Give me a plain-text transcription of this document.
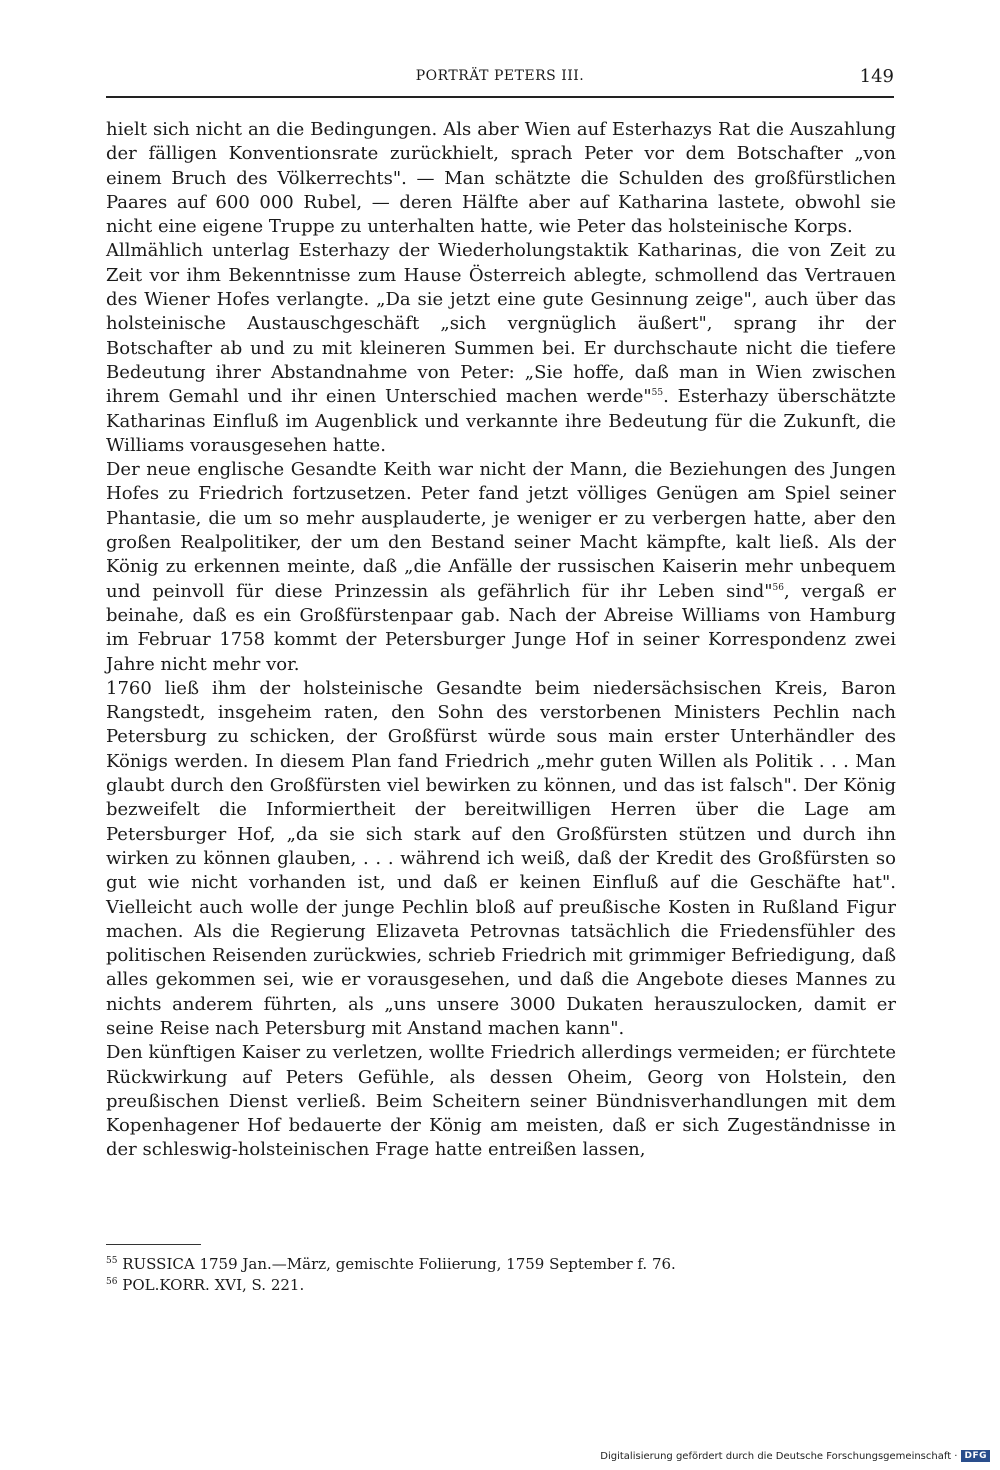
PORTRÄT PETERS III.	149

hielt sich nicht an die Bedingungen. Als aber Wien auf Esterhazys Rat die Auszahlung der fälligen Konventionsrate zurückhielt, sprach Peter vor dem Botschafter „von einem Bruch des Völkerrechts". — Man schätzte die Schulden des großfürstlichen Paares auf 600 000 Rubel, — deren Hälfte aber auf Katharina lastete, obwohl sie nicht eine eigene Truppe zu unterhalten hatte, wie Peter das holsteinische Korps.

Allmählich unterlag Esterhazy der Wiederholungstaktik Katharinas, die von Zeit zu Zeit vor ihm Bekenntnisse zum Hause Österreich ablegte, schmollend das Vertrauen des Wiener Hofes verlangte. „Da sie jetzt eine gute Gesinnung zeige", auch über das holsteinische Austauschgeschäft „sich vergnüglich äußert", sprang ihr der Botschafter ab und zu mit kleineren Summen bei. Er durchschaute nicht die tiefere Bedeutung ihrer Abstandnahme von Peter: „Sie hoffe, daß man in Wien zwischen ihrem Gemahl und ihr einen Unterschied machen werde"$^{55}$. Esterhazy überschätzte Katharinas Einfluß im Augenblick und verkannte ihre Bedeutung für die Zukunft, die Williams vorausgesehen hatte.

Der neue englische Gesandte Keith war nicht der Mann, die Beziehungen des Jungen Hofes zu Friedrich fortzusetzen. Peter fand jetzt völliges Genügen am Spiel seiner Phantasie, die um so mehr ausplauderte, je weniger er zu verbergen hatte, aber den großen Realpolitiker, der um den Bestand seiner Macht kämpfte, kalt ließ. Als der König zu erkennen meinte, daß „die Anfälle der russischen Kaiserin mehr unbequem und peinvoll für diese Prinzessin als gefährlich für ihr Leben sind"$^{56}$, vergaß er beinahe, daß es ein Großfürstenpaar gab. Nach der Abreise Williams von Hamburg im Februar 1758 kommt der Petersburger Junge Hof in seiner Korrespondenz zwei Jahre nicht mehr vor.

1760 ließ ihm der holsteinische Gesandte beim niedersächsischen Kreis, Baron Rangstedt, insgeheim raten, den Sohn des verstorbenen Ministers Pechlin nach Petersburg zu schicken, der Großfürst würde sous main erster Unterhändler des Königs werden. In diesem Plan fand Friedrich „mehr guten Willen als Politik . . . Man glaubt durch den Großfürsten viel bewirken zu können, und das ist falsch". Der König bezweifelt die Informiertheit der bereitwilligen Herren über die Lage am Petersburger Hof, „da sie sich stark auf den Großfürsten stützen und durch ihn wirken zu können glauben, . . . während ich weiß, daß der Kredit des Großfürsten so gut wie nicht vorhanden ist, und daß er keinen Einfluß auf die Geschäfte hat". Vielleicht auch wolle der junge Pechlin bloß auf preußische Kosten in Rußland Figur machen. Als die Regierung Elizaveta Petrovnas tatsächlich die Friedensfühler des politischen Reisenden zurückwies, schrieb Friedrich mit grimmiger Befriedigung, daß alles gekommen sei, wie er vorausgesehen, und daß die Angebote dieses Mannes zu nichts anderem führten, als „uns unsere 3000 Dukaten herauszulocken, damit er seine Reise nach Petersburg mit Anstand machen kann".

Den künftigen Kaiser zu verletzen, wollte Friedrich allerdings vermeiden; er fürchtete Rückwirkung auf Peters Gefühle, als dessen Oheim, Georg von Holstein, den preußischen Dienst verließ. Beim Scheitern seiner Bündnisverhandlungen mit dem Kopenhagener Hof bedauerte der König am meisten, daß er sich Zugeständnisse in der schleswig-holsteinischen Frage hatte entreißen lassen,

$^{55}$ RUSSICA 1759 Jan.—März, gemischte Foliierung, 1759 September f. 76.

$^{56}$ POL.KORR. XVI, S. 221.

Digitalisierung gefördert durch die Deutsche Forschungsgemeinschaft · DFG
